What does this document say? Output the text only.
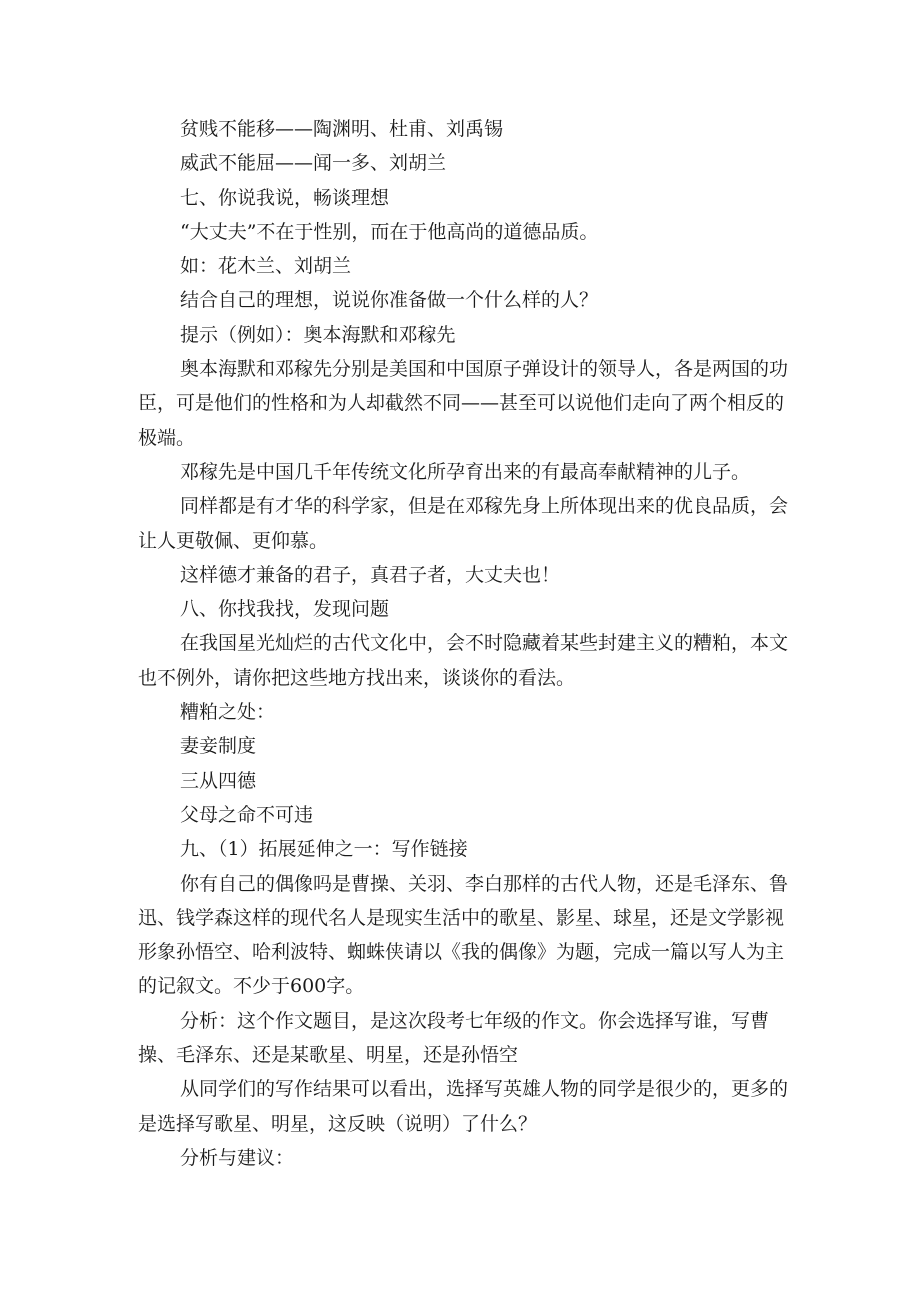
贫贱不能移——陶渊明、杜甫、刘禹锡

威武不能屈——闻一多、刘胡兰

七、你说我说，畅谈理想

“大丈夫”不在于性别，而在于他高尚的道德品质。

如：花木兰、刘胡兰

结合自己的理想，说说你准备做一个什么样的人？

提示（例如）：奥本海默和邓稼先

奥本海默和邓稼先分别是美国和中国原子弹设计的领导人，各是两国的功臣，可是他们的性格和为人却截然不同——甚至可以说他们走向了两个相反的极端。

邓稼先是中国几千年传统文化所孕育出来的有最高奉献精神的儿子。

同样都是有才华的科学家，但是在邓稼先身上所体现出来的优良品质，会让人更敬佩、更仰慕。

这样德才兼备的君子，真君子者，大丈夫也！

八、你找我找，发现问题

在我国星光灿烂的古代文化中，会不时隐藏着某些封建主义的糟粕，本文也不例外，请你把这些地方找出来，谈谈你的看法。

糟粕之处：

妻妾制度

三从四德

父母之命不可违

九、（1）拓展延伸之一：写作链接

你有自己的偶像吗是曹操、关羽、李白那样的古代人物，还是毛泽东、鲁迅、钱学森这样的现代名人是现实生活中的歌星、影星、球星，还是文学影视形象孙悟空、哈利波特、蜘蛛侠请以《我的偶像》为题，完成一篇以写人为主的记叙文。不少于600字。

分析：这个作文题目，是这次段考七年级的作文。你会选择写谁，写曹操、毛泽东、还是某歌星、明星，还是孙悟空

从同学们的写作结果可以看出，选择写英雄人物的同学是很少的，更多的是选择写歌星、明星，这反映（说明）了什么？

分析与建议：
